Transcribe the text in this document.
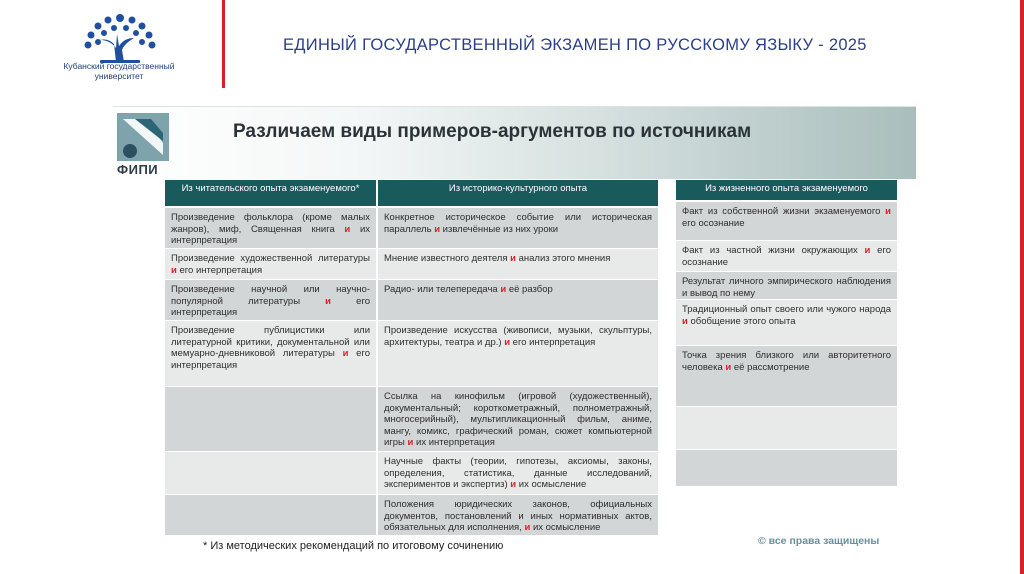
Кубанский государственный университет
ЕДИНЫЙ ГОСУДАРСТВЕННЫЙ ЭКЗАМЕН ПО РУССКОМУ ЯЗЫКУ - 2025
ФИПИ
Различаем виды примеров-аргументов по источникам
Из читательского опыта экзаменуемого*
Произведение фольклора (кроме малых жанров), миф, Священная книга и их интерпретация
Произведение художественной литературы и его интерпретация
Произведение научной или научно-популярной литературы и его интерпретация
Произведение публицистики или литературной критики, документальной или мемуарно-дневниковой литературы и его интерпретация
Из историко-культурного опыта
Конкретное историческое событие или историческая параллель и извлечённые из них уроки
Мнение известного деятеля и анализ этого мнения
Радио- или телепередача и её разбор
Произведение искусства (живописи, музыки, скульптуры, архитектуры, театра и др.) и его интерпретация
Ссылка на кинофильм (игровой (художественный), документальный; короткометражный, полнометражный, многосерийный), мультипликационный фильм, аниме, мангу, комикс, графический роман, сюжет компьютерной игры и их интерпретация
Научные факты (теории, гипотезы, аксиомы, законы, определения, статистика, данные исследований, экспериментов и экспертиз) и их осмысление
Положения юридических законов, официальных документов, постановлений и иных нормативных актов, обязательных для исполнения, и их осмысление
Из жизненного опыта экзаменуемого
Факт из собственной жизни экзаменуемого и его осознание
Факт из частной жизни окружающих и его осознание
Результат личного эмпирического наблюдения и вывод по нему
Традиционный опыт своего или чужого народа и обобщение этого опыта
Точка зрения близкого или авторитетного человека и её рассмотрение
* Из методических рекомендаций по итоговому сочинению	© все права защищены
